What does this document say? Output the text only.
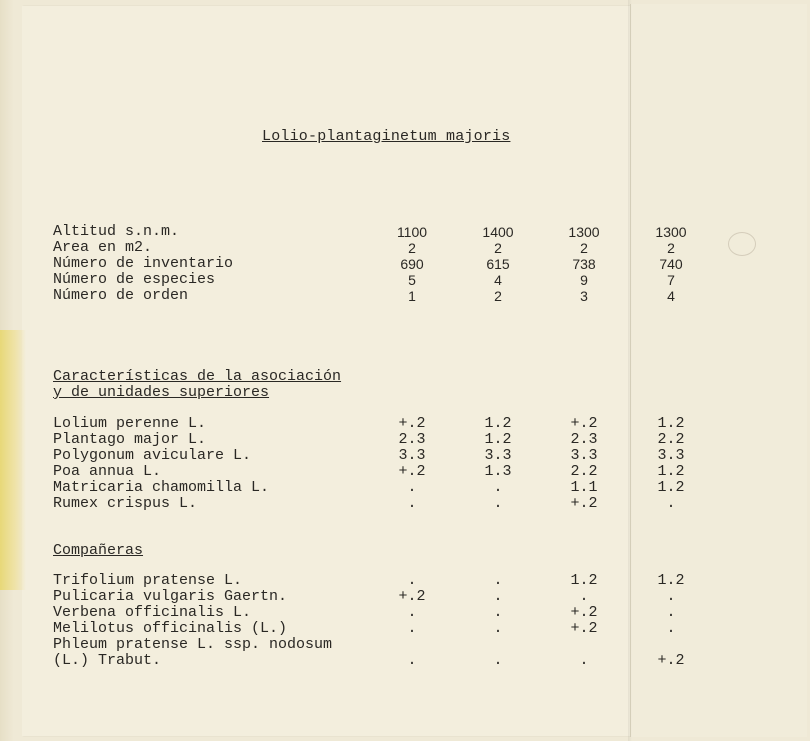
Lolio-plantaginetum majoris
Altitud s.n.m.	1100	1400	1300	1300
Area en m2.	2	2	2	2
Número de inventario	690	615	738	740
Número de especies	5	4	9	7
Número de orden	1	2	3	4
Características de la asociación
y de unidades superiores
Lolium perenne L.	+.2	1.2	+.2	1.2
Plantago major L.	2.3	1.2	2.3	2.2
Polygonum aviculare L.	3.3	3.3	3.3	3.3
Poa annua L.	+.2	1.3	2.2	1.2
Matricaria chamomilla L.	.	.	1.1	1.2
Rumex crispus L.	.	.	+.2	.
Compañeras
Trifolium pratense L.	.	.	1.2	1.2
Pulicaria vulgaris Gaertn.	+.2	.	.	.
Verbena officinalis L.	.	.	+.2	.
Melilotus officinalis (L.)	.	.	+.2	.
Phleum pratense L. ssp. nodosum
(L.) Trabut.	.	.	.	+.2
